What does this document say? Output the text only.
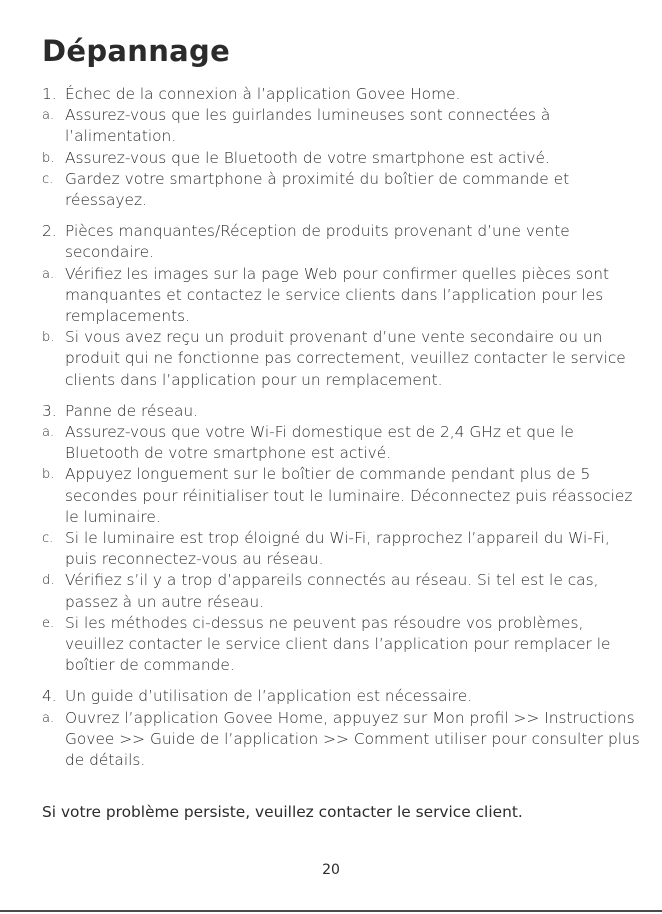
Dépannage
1. Échec de la connexion à l’application Govee Home.
a. Assurez-vous que les guirlandes lumineuses sont connectées à l’alimentation.
b. Assurez-vous que le Bluetooth de votre smartphone est activé.
c. Gardez votre smartphone à proximité du boîtier de commande et réessayez.
2. Pièces manquantes/Réception de produits provenant d’une vente secondaire.
a. Vérifiez les images sur la page Web pour confirmer quelles pièces sont manquantes et contactez le service clients dans l’application pour les remplacements.
b. Si vous avez reçu un produit provenant d’une vente secondaire ou un produit qui ne fonctionne pas correctement, veuillez contacter le service clients dans l’application pour un remplacement.
3. Panne de réseau.
a. Assurez-vous que votre Wi-Fi domestique est de 2,4 GHz et que le Bluetooth de votre smartphone est activé.
b. Appuyez longuement sur le boîtier de commande pendant plus de 5 secondes pour réinitialiser tout le luminaire. Déconnectez puis réassociez le luminaire.
c. Si le luminaire est trop éloigné du Wi-Fi, rapprochez l’appareil du Wi-Fi, puis reconnectez-vous au réseau.
d. Vérifiez s’il y a trop d’appareils connectés au réseau. Si tel est le cas, passez à un autre réseau.
e. Si les méthodes ci-dessus ne peuvent pas résoudre vos problèmes, veuillez contacter le service client dans l’application pour remplacer le boîtier de commande.
4. Un guide d’utilisation de l’application est nécessaire.
a. Ouvrez l’application Govee Home, appuyez sur Mon profil >> Instructions Govee >> Guide de l’application >> Comment utiliser pour consulter plus de détails.
Si votre problème persiste, veuillez contacter le service client.
20
